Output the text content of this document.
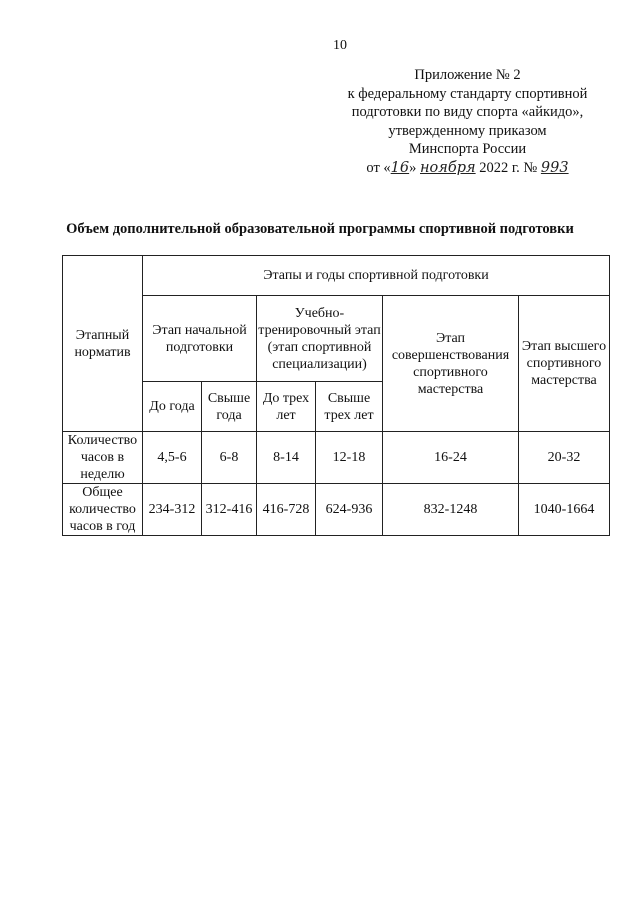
10
Приложение № 2
к федеральному стандарту спортивной
подготовки по виду спорта «айкидо»,
утвержденному приказом
Минспорта России
от «16» ноября 2022 г. № 993
Объем дополнительной образовательной программы спортивной подготовки
Этапный норматив	Этапы и годы спортивной подготовки					
	Этап начальной подготовки		Учебно-тренировочный этап (этап спортивной специализации)		Этап совершенствования спортивного мастерства	Этап высшего спортивного мастерства
	До года	Свыше года	До трех лет	Свыше трех лет		
Количество часов в неделю	4,5-6	6-8	8-14	12-18	16-24	20-32
Общее количество часов в год	234-312	312-416	416-728	624-936	832-1248	1040-1664
